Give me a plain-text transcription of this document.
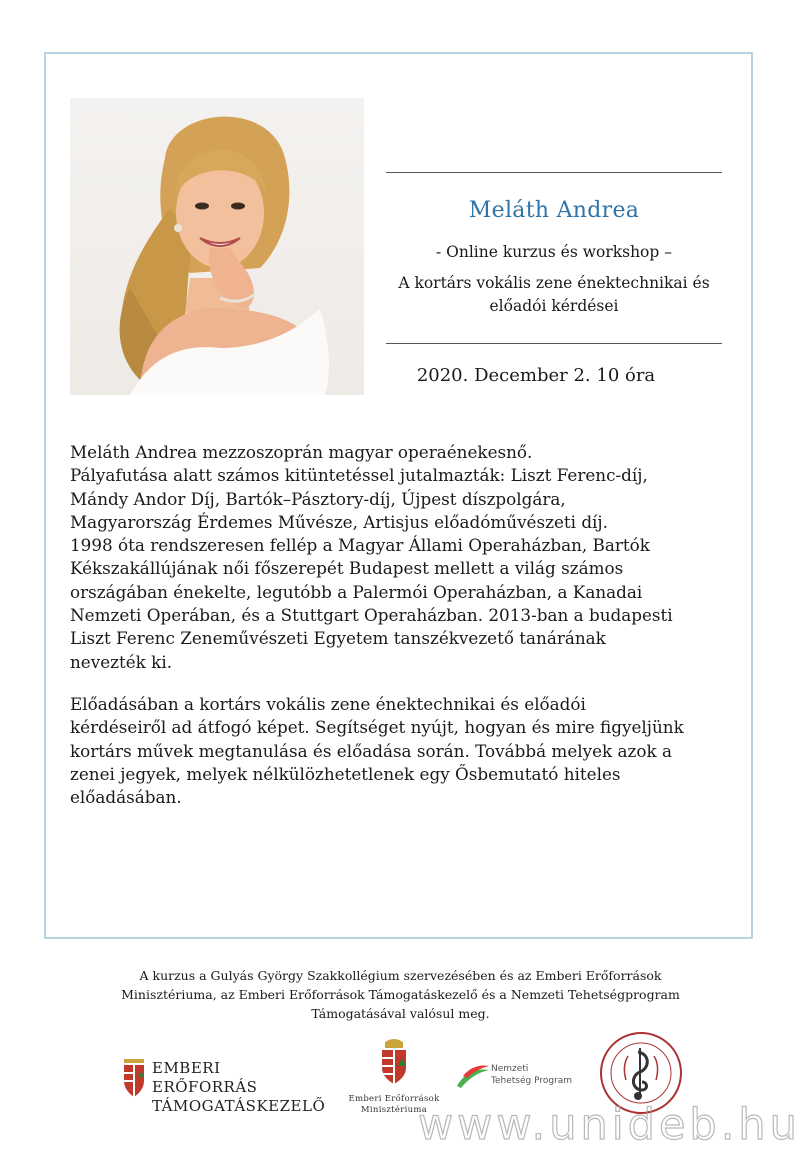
Meláth Andrea
- Online kurzus és workshop –
A kortárs vokális zene énektechnikai és
előadói kérdései
2020. December 2. 10 óra
Meláth Andrea mezzoszoprán magyar operaénekesnő.
Pályafutása alatt számos kitüntetéssel jutalmazták: Liszt Ferenc-díj,
Mándy Andor Díj, Bartók–Pásztory-díj, Újpest díszpolgára,
Magyarország Érdemes Művésze, Artisjus előadóművészeti díj.
1998 óta rendszeresen fellép a Magyar Állami Operaházban, Bartók
Kékszakállújának női főszerepét Budapest mellett a világ számos
országában énekelte, legutóbb a Palermói Operaházban, a Kanadai
Nemzeti Operában, és a Stuttgart Operaházban. 2013-ban a budapesti
Liszt Ferenc Zeneművészeti Egyetem tanszékvezető tanárának
nevezték ki.
Előadásában a kortárs vokális zene énektechnikai és előadói
kérdéseiről ad átfogó képet. Segítséget nyújt, hogyan és mire figyeljünk
kortárs művek megtanulása és előadása során. Továbbá melyek azok a
zenei jegyek, melyek nélkülözhetetlenek egy Ősbemutató hiteles
előadásában.
A kurzus a Gulyás György Szakkollégium szervezésében és az Emberi Erőforrások
Minisztériuma, az Emberi Erőforrások Támogatáskezelő és a Nemzeti Tehetségprogram
Támogatásával valósul meg.
EMBERI ERŐFORRÁS
TÁMOGATÁSKEZELŐ	Emberi Erőforrások
Minisztériuma
Nemzeti
Tehetség Program
www.unideb.hu
